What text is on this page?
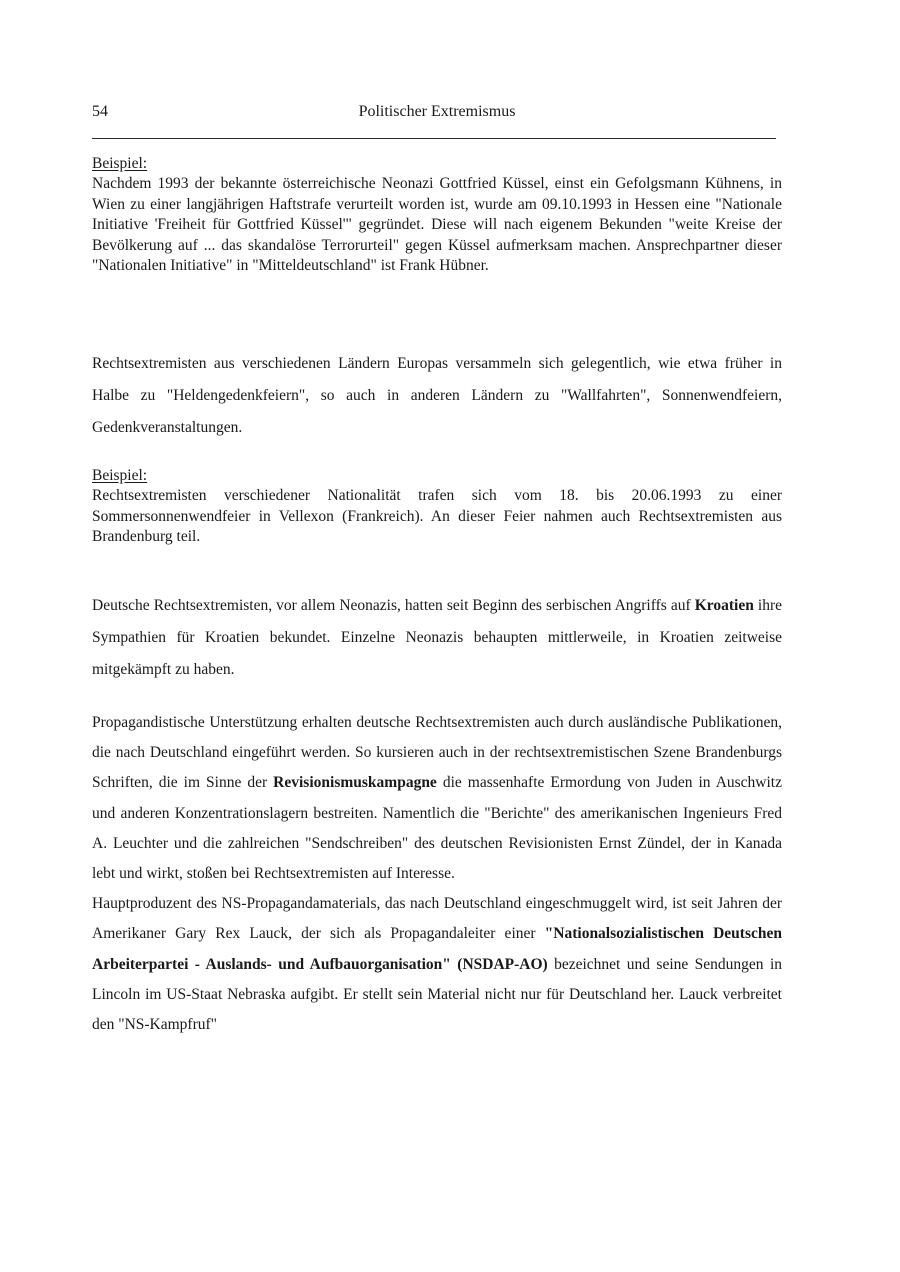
54	Politischer Extremismus
Beispiel:

Nachdem 1993 der bekannte österreichische Neonazi Gottfried Küssel, einst ein Gefolgsmann Kühnens, in Wien zu einer langjährigen Haftstrafe verurteilt worden ist, wurde am 09.10.1993 in Hessen eine "Nationale Initiative 'Freiheit für Gottfried Küssel'" gegründet. Diese will nach eigenem Bekunden "weite Kreise der Bevölkerung auf ... das skandalöse Terrorurteil" gegen Küssel aufmerksam machen. Ansprechpartner dieser "Nationalen Initiative" in "Mitteldeutschland" ist Frank Hübner.

Rechtsextremisten aus verschiedenen Ländern Europas versammeln sich gelegentlich, wie etwa früher in Halbe zu "Heldengedenkfeiern", so auch in anderen Ländern zu "Wallfahrten", Sonnenwendfeiern, Gedenkveranstaltungen.

Beispiel:

Rechtsextremisten verschiedener Nationalität trafen sich vom 18. bis 20.06.1993 zu einer Sommersonnenwendfeier in Vellexon (Frankreich). An dieser Feier nahmen auch Rechtsextremisten aus Brandenburg teil.

Deutsche Rechtsextremisten, vor allem Neonazis, hatten seit Beginn des serbischen Angriffs auf Kroatien ihre Sympathien für Kroatien bekundet. Einzelne Neonazis behaupten mittlerweile, in Kroatien zeitweise mitgekämpft zu haben.

Propagandistische Unterstützung erhalten deutsche Rechtsextremisten auch durch ausländische Publikationen, die nach Deutschland eingeführt werden. So kursieren auch in der rechtsextremistischen Szene Brandenburgs Schriften, die im Sinne der Revisionismuskampagne die massenhafte Ermordung von Juden in Auschwitz und anderen Konzentrationslagern bestreiten. Namentlich die "Berichte" des amerikanischen Ingenieurs Fred A. Leuchter und die zahlreichen "Sendschreiben" des deutschen Revisionisten Ernst Zündel, der in Kanada lebt und wirkt, stoßen bei Rechtsextremisten auf Interesse.

Hauptproduzent des NS-Propagandamaterials, das nach Deutschland eingeschmuggelt wird, ist seit Jahren der Amerikaner Gary Rex Lauck, der sich als Propagandaleiter einer "Nationalsozialistischen Deutschen Arbeiterpartei - Auslands- und Aufbauorganisation" (NSDAP-AO) bezeichnet und seine Sendungen in Lincoln im US-Staat Nebraska aufgibt. Er stellt sein Material nicht nur für Deutschland her. Lauck verbreitet den "NS-Kampfruf"
